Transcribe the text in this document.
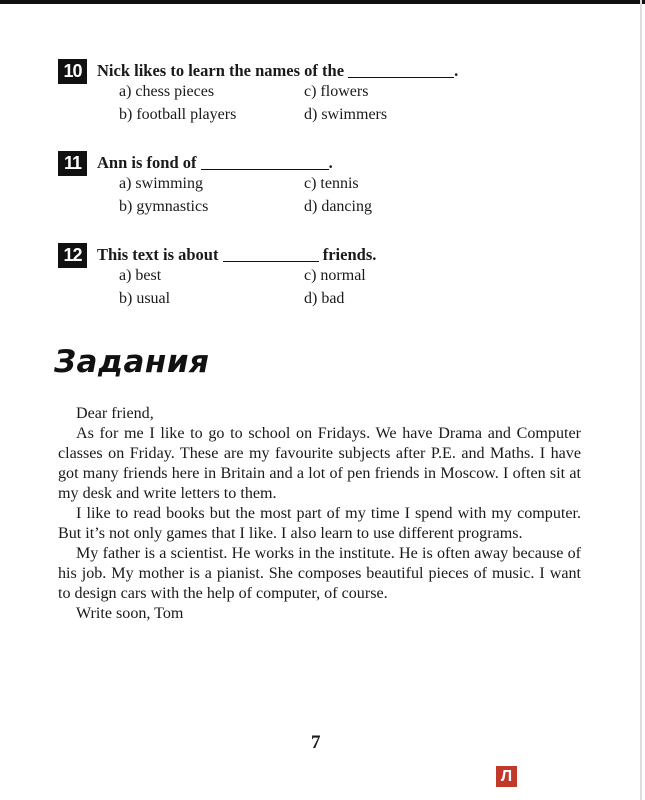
10 Nick likes to learn the names of the	.
a) chess pieces	c) flowers
b) football players	d) swimmers
11 Ann is fond of	.
a) swimming	c) tennis
b) gymnastics	d) dancing
12 This text is about	friends.
a) best	c) normal
b) usual	d) bad
Задания

Dear friend,

As for me I like to go to school on Fridays. We have Drama and Computer classes on Friday. These are my favourite subjects after P.E. and Maths. I have got many friends here in Britain and a lot of pen friends in Moscow. I often sit at my desk and write letters to them.

I like to read books but the most part of my time I spend with my computer. But it’s not only games that I like. I also learn to use different programs.

My father is a scientist. He works in the institute. He is often away because of his job. My mother is a pianist. She composes beautiful pieces of music. I want to design cars with the help of computer, of course.

Write soon, Tom

7
Л
